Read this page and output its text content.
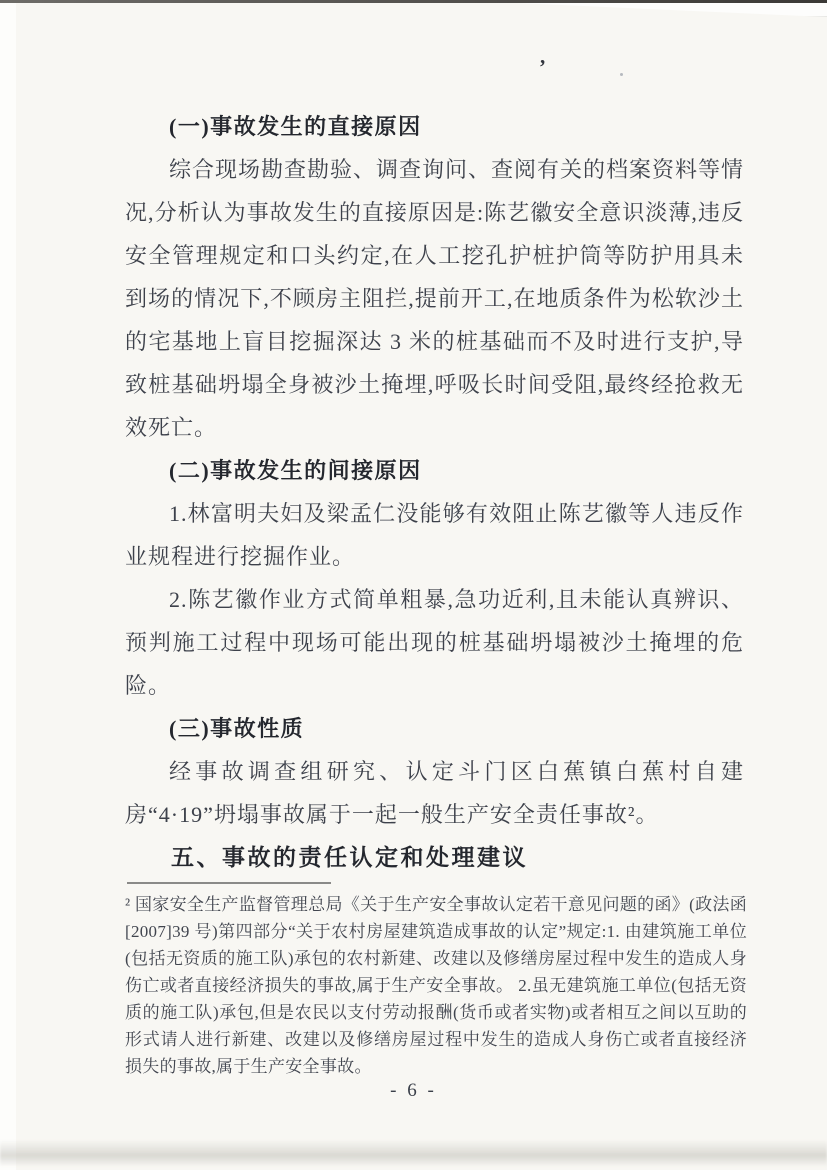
,

(一)事故发生的直接原因

综合现场勘查勘验、调查询问、查阅有关的档案资料等情况,分析认为事故发生的直接原因是:陈艺徽安全意识淡薄,违反安全管理规定和口头约定,在人工挖孔护桩护筒等防护用具未到场的情况下,不顾房主阻拦,提前开工,在地质条件为松软沙土的宅基地上盲目挖掘深达 3 米的桩基础而不及时进行支护,导致桩基础坍塌全身被沙土掩埋,呼吸长时间受阻,最终经抢救无效死亡。

(二)事故发生的间接原因

1.林富明夫妇及梁孟仁没能够有效阻止陈艺徽等人违反作业规程进行挖掘作业。

2.陈艺徽作业方式简单粗暴,急功近利,且未能认真辨识、预判施工过程中现场可能出现的桩基础坍塌被沙土掩埋的危险。

(三)事故性质

经事故调查组研究、认定斗门区白蕉镇白蕉村自建房“4·19”坍塌事故属于一起一般生产安全责任事故²。

五、事故的责任认定和处理建议

² 国家安全生产监督管理总局《关于生产安全事故认定若干意见问题的函》(政法函[2007]39 号)第四部分“关于农村房屋建筑造成事故的认定”规定:1. 由建筑施工单位(包括无资质的施工队)承包的农村新建、改建以及修缮房屋过程中发生的造成人身伤亡或者直接经济损失的事故,属于生产安全事故。 2.虽无建筑施工单位(包括无资质的施工队)承包,但是农民以支付劳动报酬(货币或者实物)或者相互之间以互助的形式请人进行新建、改建以及修缮房屋过程中发生的造成人身伤亡或者直接经济损失的事故,属于生产安全事故。

- 6 -
